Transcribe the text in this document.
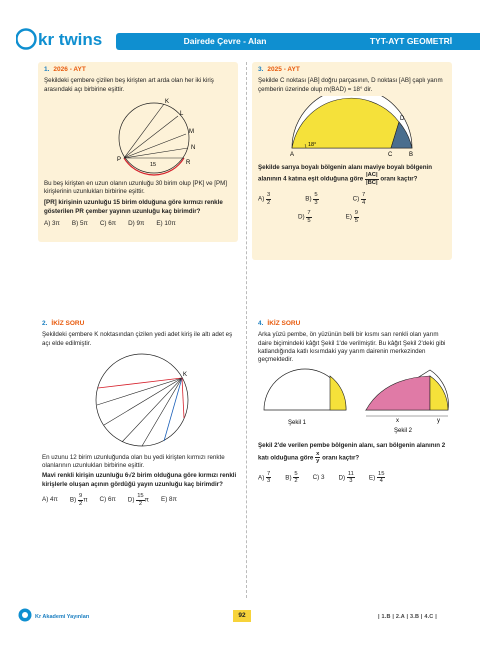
kr twins	Dairede Çevre - Alan	TYT-AYT GEOMETRİ
1. 2026 - AYT
Şekildeki çembere çizilen beş kirişten art arda olan her iki kiriş arasındaki açı birbirine eşittir.
K
L
M
N
P	R
15
Bu beş kirişten en uzun olanın uzunluğu 30 birim olup [PK] ve [PM] kirişlerinin uzunlukları birbirine eşittir.
[PR] kirişinin uzunluğu 15 birim olduğuna göre kırmızı renkle gösterilen PR çember yayının uzunluğu kaç birimdir?
A) 3π B) 5π C) 6π D) 9π E) 10π
3. 2025 - AYT
Şekilde C noktası [AB] doğru parçasının, D noktası [AB] çaplı yarım çemberin üzerinde olup m(BAD) = 18° dir.
A	C	B
D
18°
Şekilde sarıya boyalı bölgenin alanı maviye boyalı bölgenin alanının 4 katına eşit olduğuna göre $\frac{|AC|}{|BC|}$ oranı kaçtır?
$A) \frac{3}{2}$	$B) \frac{5}{3}$	$C) \frac{7}{4}$
$D) \frac{7}{5}$	$E) \frac{9}{5}$
2. İKİZ SORU
Şekildeki çembere K noktasından çizilen yedi adet kiriş ile altı adet eş açı elde edilmiştir.
K
En uzunu 12 birim uzunluğunda olan bu yedi kirişten kırmızı renkte olanlarının uzunlukları birbirine eşittir.
Mavi renkli kirişin uzunluğu 6√2 birim olduğuna göre kırmızı renkli kirişlerle oluşan açının gördüğü yayın uzunluğu kaç birimdir?
A) 4π $B) \frac{9}{2}$ π C) 6π $D) \frac{15}{2}$ π E) 8π
4. İKİZ SORU
Arka yüzü pembe, ön yüzünün belli bir kısmı sarı renkli olan yarım daire biçimindeki kâğıt Şekil 1'de verilmiştir. Bu kâğıt Şekil 2'deki gibi katlandığında katlı kısımdaki yay yarım dairenin merkezinden geçmektedir.
Şekil 1	x	y
Şekil 2
Şekil 2'de verilen pembe bölgenin alanı, sarı bölgenin alanının 2 katı olduğuna göre $\frac{x}{y}$ oranı kaçtır?
$A) \frac{7}{3} B) \frac{5}{2} C$) 3 $D) \frac{11}{3} E) \frac{15}{4}$
Kr Akademi Yayınları	92	| 1.B | 2.A | 3.B | 4.C |
